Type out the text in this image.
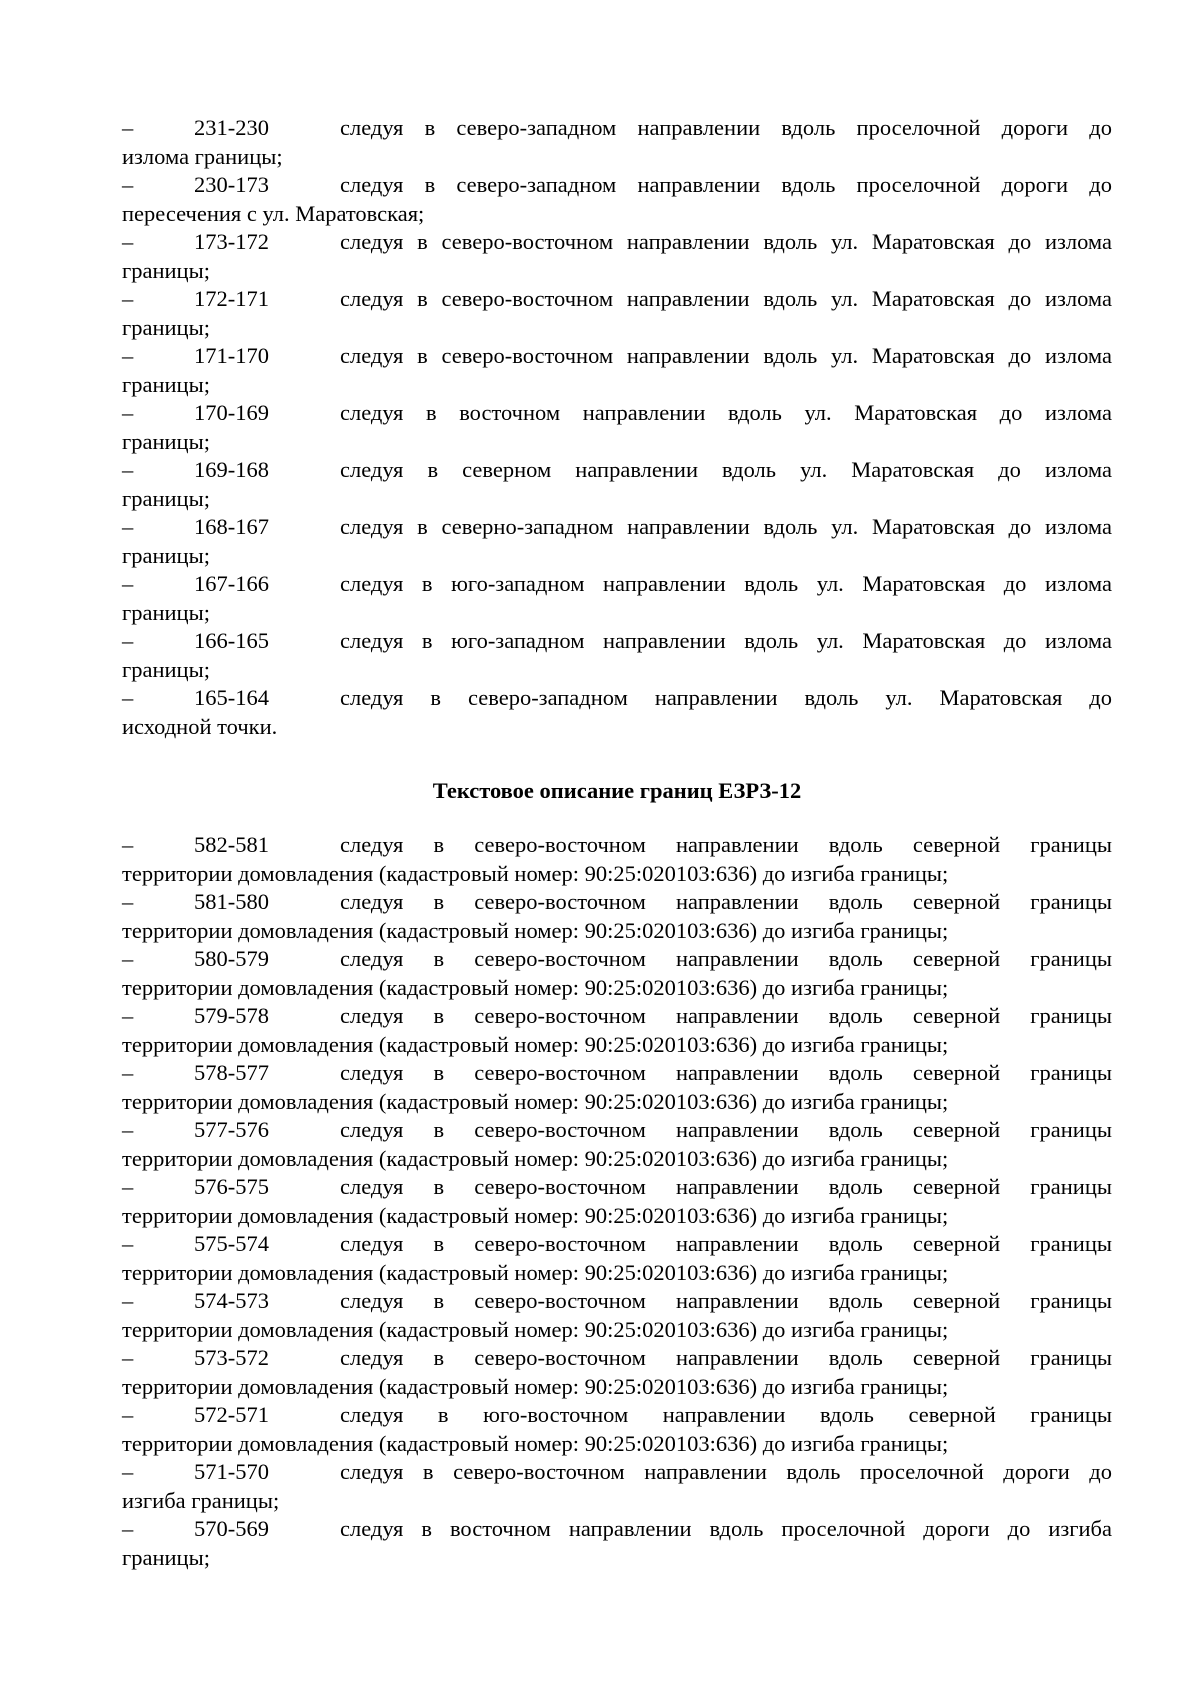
–	231-230	следуя в северо-западном направлении вдоль проселочной дороги до
излома границы;

–	230-173	следуя в северо-западном направлении вдоль проселочной дороги до
пересечения с ул. Маратовская;

–	173-172	следуя в северо-восточном направлении вдоль ул. Маратовская до излома
границы;

–	172-171	следуя в северо-восточном направлении вдоль ул. Маратовская до излома
границы;

–	171-170	следуя в северо-восточном направлении вдоль ул. Маратовская до излома
границы;

–	170-169	следуя в восточном направлении вдоль ул. Маратовская до излома
границы;

–	169-168	следуя в северном направлении вдоль ул. Маратовская до излома
границы;

–	168-167	следуя в северно-западном направлении вдоль ул. Маратовская до излома
границы;

–	167-166	следуя в юго-западном направлении вдоль ул. Маратовская до излома
границы;

–	166-165	следуя в юго-западном направлении вдоль ул. Маратовская до излома
границы;

–	165-164	следуя в северо-западном направлении вдоль ул. Маратовская до
исходной точки.

Текстовое описание границ ЕЗРЗ-12

–	582-581	следуя в северо-восточном направлении вдоль северной границы
территории домовладения (кадастровый номер: 90:25:020103:636) до изгиба границы;

–	581-580	следуя в северо-восточном направлении вдоль северной границы
территории домовладения (кадастровый номер: 90:25:020103:636) до изгиба границы;

–	580-579	следуя в северо-восточном направлении вдоль северной границы
территории домовладения (кадастровый номер: 90:25:020103:636) до изгиба границы;

–	579-578	следуя в северо-восточном направлении вдоль северной границы
территории домовладения (кадастровый номер: 90:25:020103:636) до изгиба границы;

–	578-577	следуя в северо-восточном направлении вдоль северной границы
территории домовладения (кадастровый номер: 90:25:020103:636) до изгиба границы;

–	577-576	следуя в северо-восточном направлении вдоль северной границы
территории домовладения (кадастровый номер: 90:25:020103:636) до изгиба границы;

–	576-575	следуя в северо-восточном направлении вдоль северной границы
территории домовладения (кадастровый номер: 90:25:020103:636) до изгиба границы;

–	575-574	следуя в северо-восточном направлении вдоль северной границы
территории домовладения (кадастровый номер: 90:25:020103:636) до изгиба границы;

–	574-573	следуя в северо-восточном направлении вдоль северной границы
территории домовладения (кадастровый номер: 90:25:020103:636) до изгиба границы;

–	573-572	следуя в северо-восточном направлении вдоль северной границы
территории домовладения (кадастровый номер: 90:25:020103:636) до изгиба границы;

–	572-571	следуя в юго-восточном направлении вдоль северной границы
территории домовладения (кадастровый номер: 90:25:020103:636) до изгиба границы;

–	571-570	следуя в северо-восточном направлении вдоль проселочной дороги до
изгиба границы;

–	570-569	следуя в восточном направлении вдоль проселочной дороги до изгиба
границы;
